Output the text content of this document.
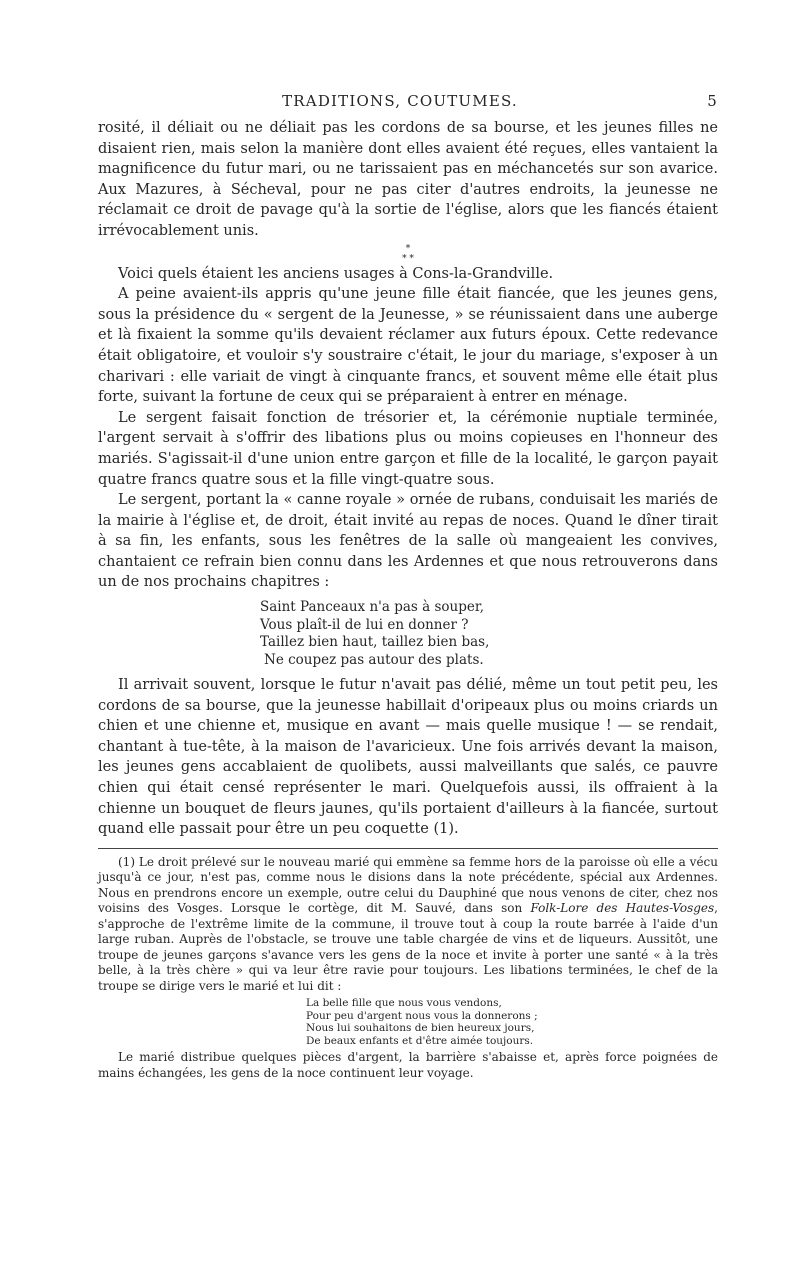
TRADITIONS, COUTUMES.	5

rosité, il déliait ou ne déliait pas les cordons de sa bourse, et les jeunes filles ne disaient rien, mais selon la manière dont elles avaient été reçues, elles vantaient la magnificence du futur mari, ou ne tarissaient pas en méchancetés sur son avarice. Aux Mazures, à Sécheval, pour ne pas citer d'autres endroits, la jeunesse ne réclamait ce droit de pavage qu'à la sortie de l'église, alors que les fiancés étaient irrévocablement unis.

*
* *

Voici quels étaient les anciens usages à Cons-la-Grandville.

A peine avaient-ils appris qu'une jeune fille était fiancée, que les jeunes gens, sous la présidence du « sergent de la Jeunesse, » se réunissaient dans une auberge et là fixaient la somme qu'ils devaient réclamer aux futurs époux. Cette redevance était obligatoire, et vouloir s'y soustraire c'était, le jour du mariage, s'exposer à un charivari : elle variait de vingt à cinquante francs, et souvent même elle était plus forte, suivant la fortune de ceux qui se préparaient à entrer en ménage.

Le sergent faisait fonction de trésorier et, la cérémonie nuptiale terminée, l'argent servait à s'offrir des libations plus ou moins copieuses en l'honneur des mariés. S'agissait-il d'une union entre garçon et fille de la localité, le garçon payait quatre francs quatre sous et la fille vingt-quatre sous.

Le sergent, portant la « canne royale » ornée de rubans, conduisait les mariés de la mairie à l'église et, de droit, était invité au repas de noces. Quand le dîner tirait à sa fin, les enfants, sous les fenêtres de la salle où mangeaient les convives, chantaient ce refrain bien connu dans les Ardennes et que nous retrouverons dans un de nos prochains chapitres :

Saint Panceaux n'a pas à souper,
Vous plaît-il de lui en donner ?
Taillez bien haut, taillez bien bas,
Ne coupez pas autour des plats.

Il arrivait souvent, lorsque le futur n'avait pas délié, même un tout petit peu, les cordons de sa bourse, que la jeunesse habillait d'oripeaux plus ou moins criards un chien et une chienne et, musique en avant — mais quelle musique ! — se rendait, chantant à tue-tête, à la maison de l'avaricieux. Une fois arrivés devant la maison, les jeunes gens accablaient de quolibets, aussi malveillants que salés, ce pauvre chien qui était censé représenter le mari. Quelquefois aussi, ils offraient à la chienne un bouquet de fleurs jaunes, qu'ils portaient d'ailleurs à la fiancée, surtout quand elle passait pour être un peu coquette (1).

(1) Le droit prélevé sur le nouveau marié qui emmène sa femme hors de la paroisse où elle a vécu jusqu'à ce jour, n'est pas, comme nous le disions dans la note précédente, spécial aux Ardennes. Nous en prendrons encore un exemple, outre celui du Dauphiné que nous venons de citer, chez nos voisins des Vosges. Lorsque le cortège, dit M. Sauvé, dans son Folk-Lore des Hautes-Vosges, s'approche de l'extrême limite de la commune, il trouve tout à coup la route barrée à l'aide d'un large ruban. Auprès de l'obstacle, se trouve une table chargée de vins et de liqueurs. Aussitôt, une troupe de jeunes garçons s'avance vers les gens de la noce et invite à porter une santé « à la très belle, à la très chère » qui va leur être ravie pour toujours. Les libations terminées, le chef de la troupe se dirige vers le marié et lui dit :

La belle fille que nous vous vendons,
Pour peu d'argent nous vous la donnerons ;
Nous lui souhaitons de bien heureux jours,
De beaux enfants et d'être aimée toujours.

Le marié distribue quelques pièces d'argent, la barrière s'abaisse et, après force poignées de mains échangées, les gens de la noce continuent leur voyage.
